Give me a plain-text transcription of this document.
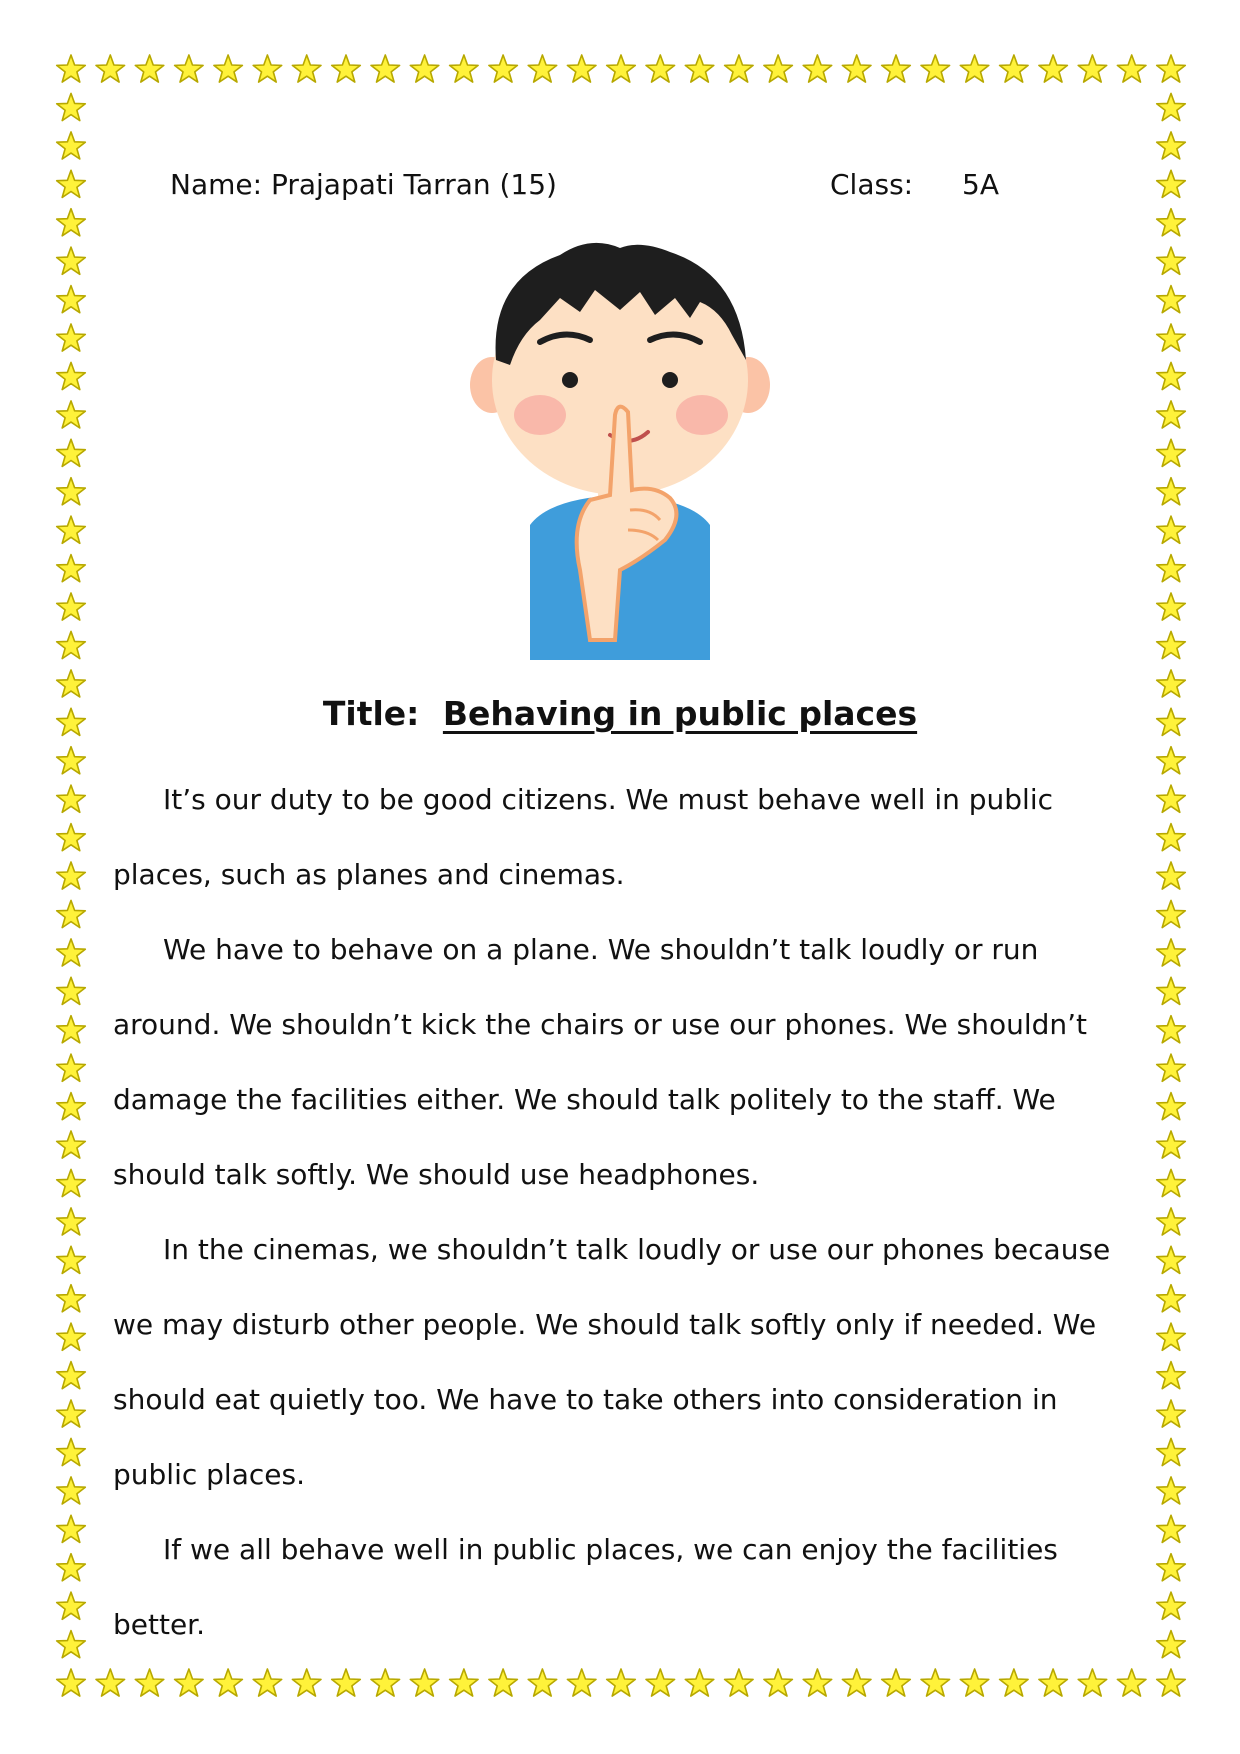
Name: Prajapati Tarran (15)	Class: 5A
Title: Behaving in public places

It’s our duty to be good citizens. We must behave well in public places, such as planes and cinemas.

We have to behave on a plane. We shouldn’t talk loudly or run around. We shouldn’t kick the chairs or use our phones. We shouldn’t damage the facilities either. We should talk politely to the staff. We should talk softly. We should use headphones.

In the cinemas, we shouldn’t talk loudly or use our phones because we may disturb other people. We should talk softly only if needed. We should eat quietly too. We have to take others into consideration in public places.

If we all behave well in public places, we can enjoy the facilities better.
